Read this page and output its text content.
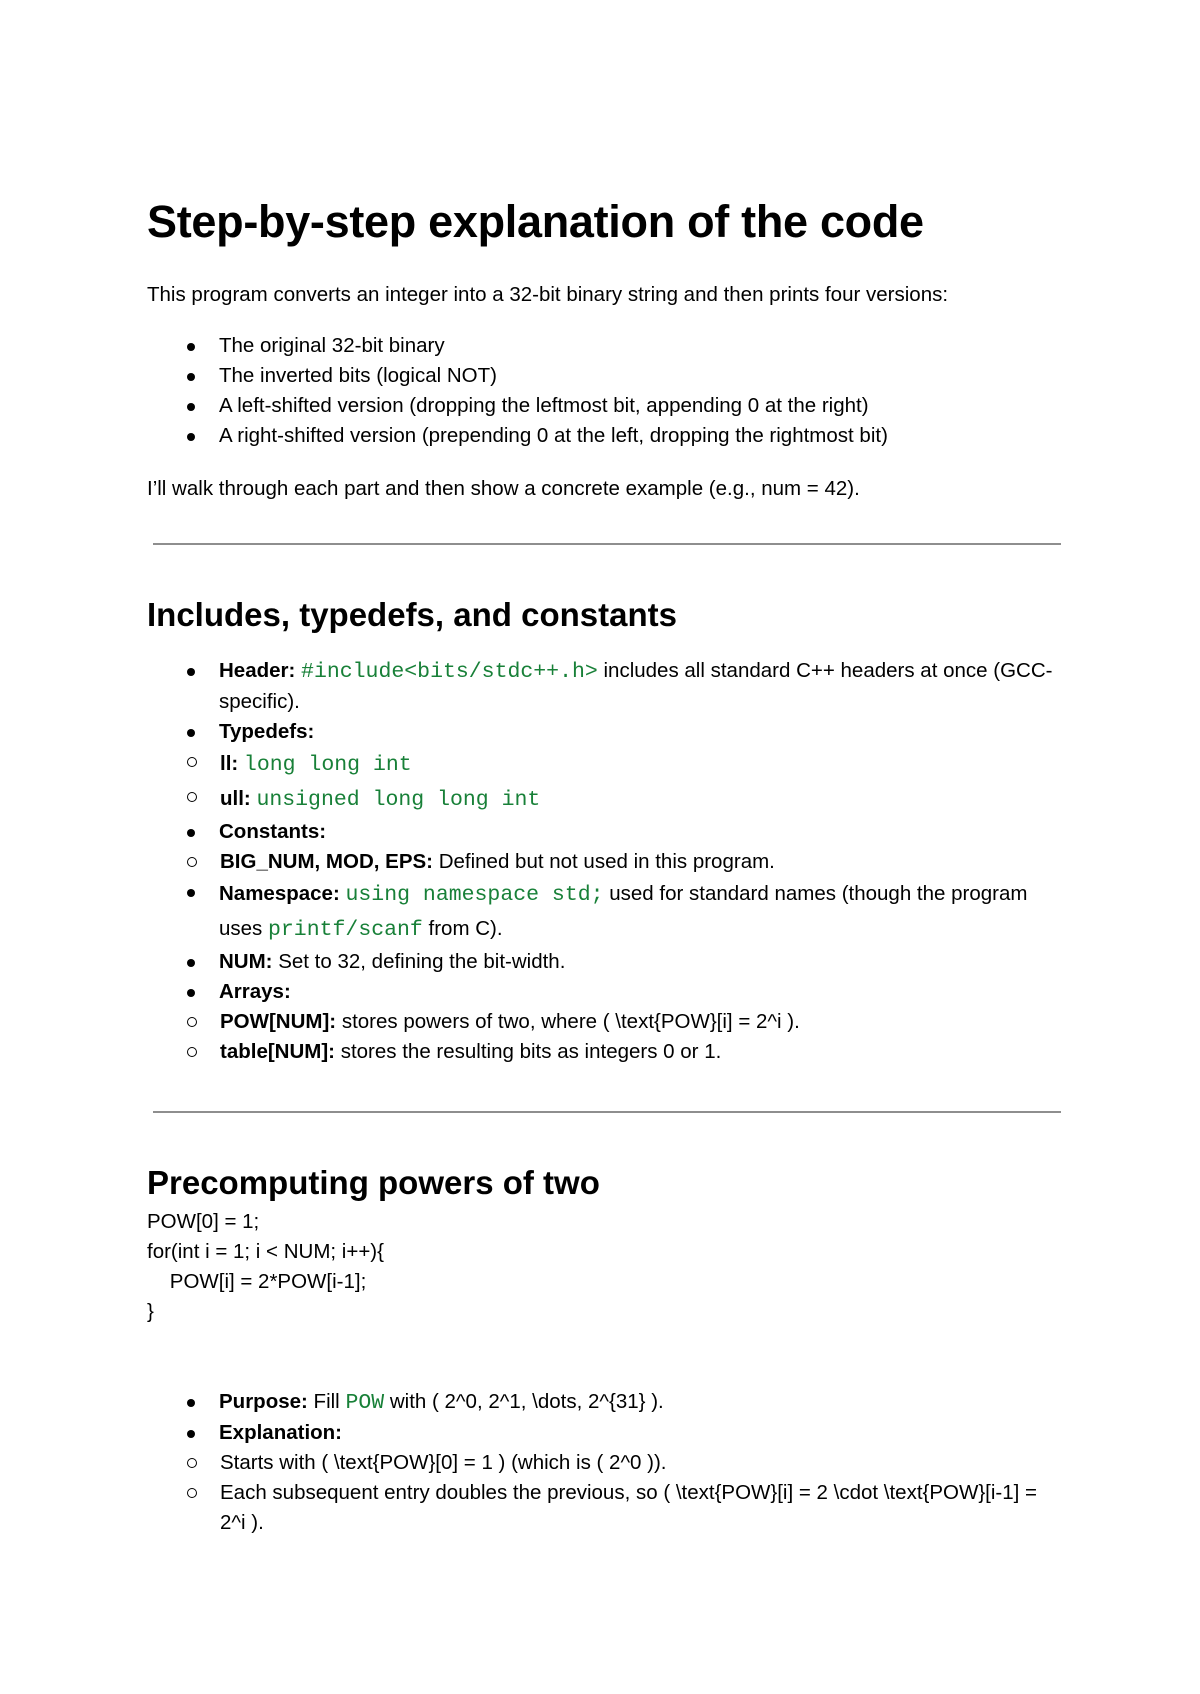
Step-by-step explanation of the code

This program converts an integer into a 32-bit binary string and then prints four versions:

The original 32-bit binary
The inverted bits (logical NOT)
A left-shifted version (dropping the leftmost bit, appending 0 at the right)
A right-shifted version (prepending 0 at the left, dropping the rightmost bit)

I’ll walk through each part and then show a concrete example (e.g., num = 42).

Includes, typedefs, and constants
Header: #include<bits/stdc++.h> includes all standard C++ headers at once (GCC-specific).
Typedefs:
ll: long long int
ull: unsigned long long int
Constants:
BIG_NUM, MOD, EPS: Defined but not used in this program.
Namespace: using namespace std; used for standard names (though the program uses printf/scanf from C).
NUM: Set to 32, defining the bit-width.
Arrays:
POW[NUM]: stores powers of two, where ( \text{POW}[i] = 2^i ).
table[NUM]: stores the resulting bits as integers 0 or 1.
Precomputing powers of two
POW[0] = 1;
for(int i = 1; i < NUM; i++){
POW[i] = 2*POW[i-1];
}
Purpose: Fill POW with ( 2^0, 2^1, \dots, 2^{31} ).
Explanation:
Starts with ( \text{POW}[0] = 1 ) (which is ( 2^0 )).
Each subsequent entry doubles the previous, so ( \text{POW}[i] = 2 \cdot \text{POW}[i-1] = 2^i ).
